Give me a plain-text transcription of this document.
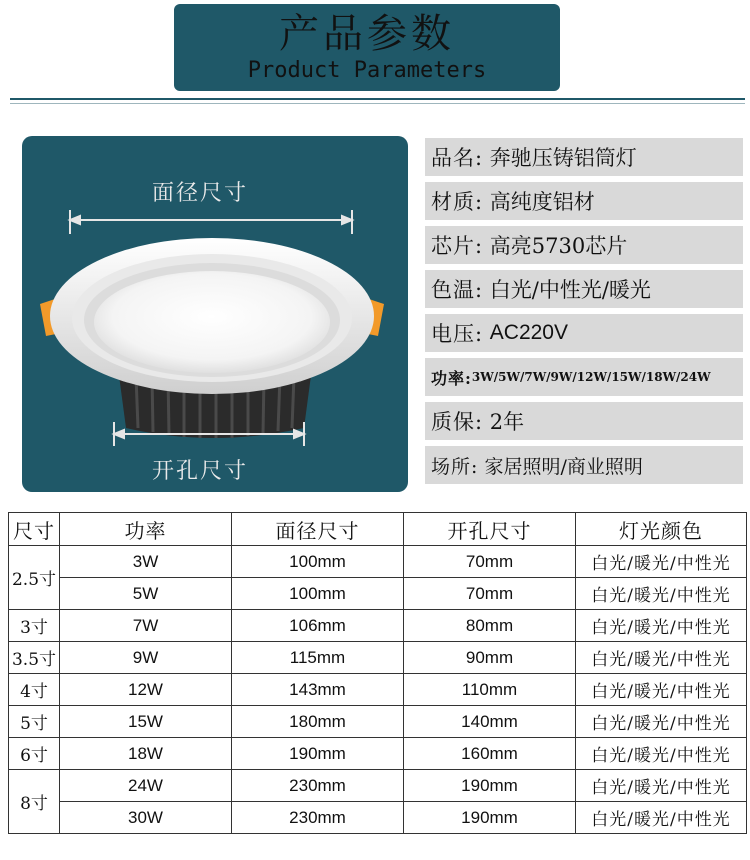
产品参数
Product Parameters
面径尺寸
开孔尺寸
品名:
奔驰压铸铝筒灯
材质:
高纯度铝材
芯片:
高亮5730芯片
色温:
白光/中性光/暖光
电压:
AC220V
功率: 3W/5W/7W/9W/12W/15W/18W/24W
质保:
2年
场所:
家居照明/商业照明
尺寸	功率	面径尺寸	开孔尺寸	灯光颜色
2.5寸	3W	100mm	70mm	白光/暖光/中性光
	5W	100mm	70mm	白光/暖光/中性光
3寸	7W	106mm	80mm	白光/暖光/中性光
3.5寸	9W	115mm	90mm	白光/暖光/中性光
4寸	12W	143mm	110mm	白光/暖光/中性光
5寸	15W	180mm	140mm	白光/暖光/中性光
6寸	18W	190mm	160mm	白光/暖光/中性光
8寸	24W	230mm	190mm	白光/暖光/中性光
	30W	230mm	190mm	白光/暖光/中性光
